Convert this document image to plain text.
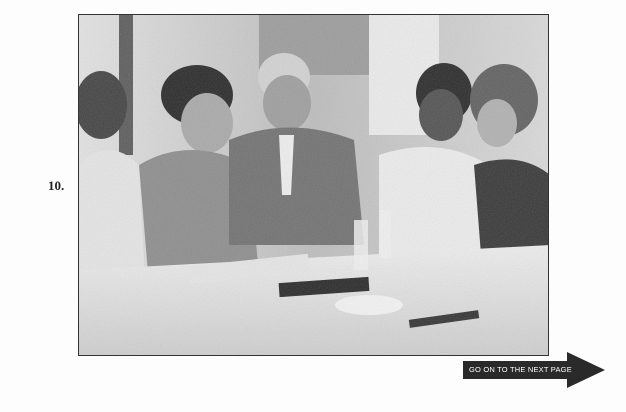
10.
GO ON TO THE NEXT PAGE
